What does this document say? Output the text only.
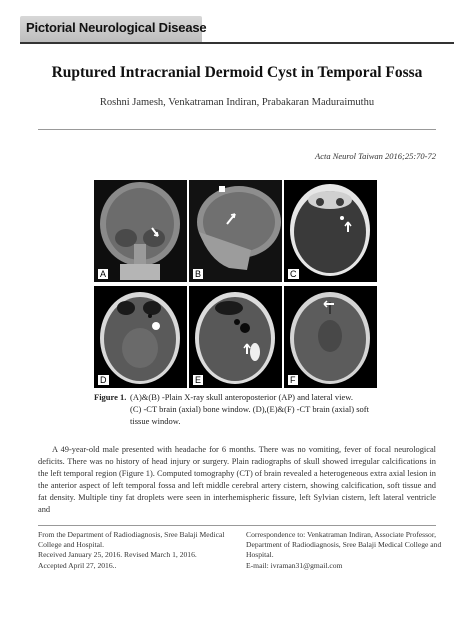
Pictorial Neurological Disease
Ruptured Intracranial Dermoid Cyst in Temporal Fossa
Roshni Jamesh, Venkatraman Indiran, Prabakaran Maduraimuthu
Acta Neurol Taiwan 2016;25:70-72
A	B	C
D	E	F
Figure 1. (A)&(B) -Plain X-ray skull anteroposterior (AP) and lateral view.
(C) -CT brain (axial) bone window. (D),(E)&(F) -CT brain (axial) soft
tissue window.

A 49-year-old male presented with headache for 6 months. There was no vomiting, fever of focal neurological deficits. There was no history of head injury or surgery. Plain radiographs of skull showed irregular calcifications in the left temporal region (Figure 1). Computed tomography (CT) of brain revealed a heterogeneous extra axial lesion in the anterior aspect of left temporal fossa and left middle cerebral artery cistern, showing calcification, soft tissue and fat density. Multiple tiny fat droplets were seen in interhemispheric fissure, left Sylvian cistern, left lateral ventricle and

From the Department of Radiodiagnosis, Sree Balaji Medical
College and Hospital.
Received January 25, 2016. Revised March 1, 2016.
Accepted April 27, 2016..
Correspondence to: Venkatraman Indiran, Associate Professor,
Department of Radiodiagnosis, Sree Balaji Medical College and
Hospital.
E-mail: ivraman31@gmail.com
